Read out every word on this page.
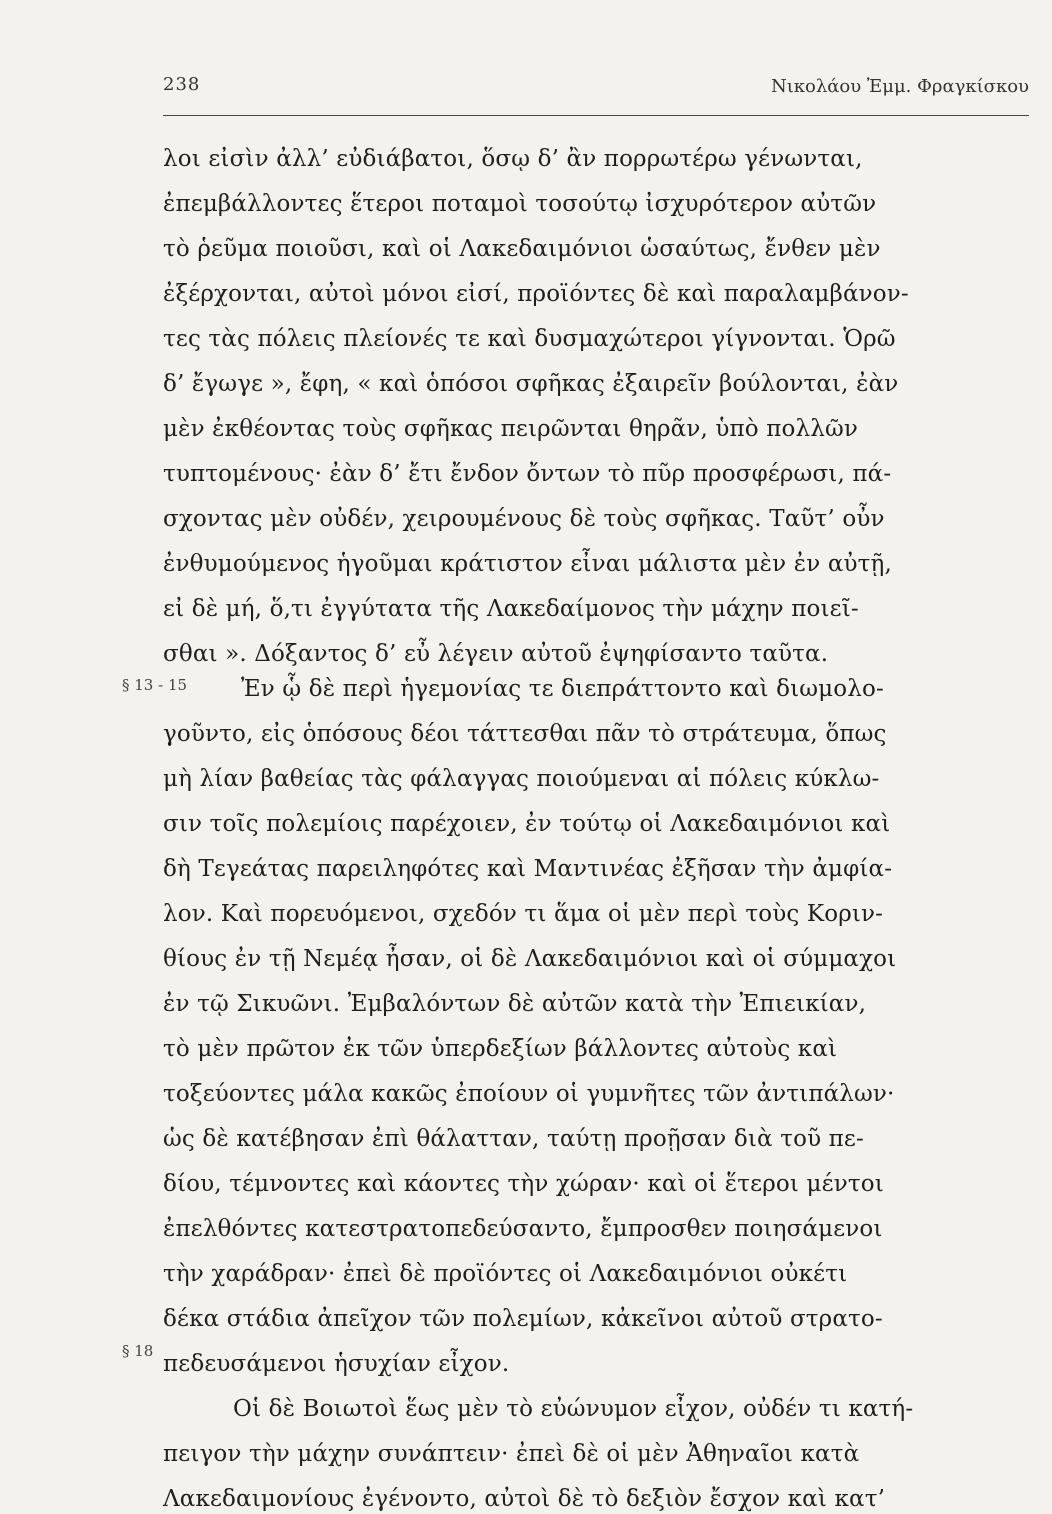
238	Νικολάου Ἐμμ. Φραγκίσκου
§ 13 - 15
§ 18
λοι εἰσὶν ἀλλ’ εὐδιάβατοι, ὅσῳ δ’ ἂν πορρωτέρω γένωνται,
ἐπεμβάλλοντες ἕτεροι ποταμοὶ τοσούτῳ ἰσχυρότερον αὐτῶν
τὸ ῥεῦμα ποιοῦσι, καὶ οἱ Λακεδαιμόνιοι ὡσαύτως, ἔνθεν μὲν
ἐξέρχονται, αὐτοὶ μόνοι εἰσί, προϊόντες δὲ καὶ παραλαμβάνον-
τες τὰς πόλεις πλείονές τε καὶ δυσμαχώτεροι γίγνονται. Ὁρῶ
δ’ ἔγωγε », ἔφη, « καὶ ὁπόσοι σφῆκας ἐξαιρεῖν βούλονται, ἐὰν
μὲν ἐκθέοντας τοὺς σφῆκας πειρῶνται θηρᾶν, ὑπὸ πολλῶν
τυπτομένους· ἐὰν δ’ ἔτι ἔνδον ὄντων τὸ πῦρ προσφέρωσι, πά-
σχοντας μὲν οὐδέν, χειρουμένους δὲ τοὺς σφῆκας. Ταῦτ’ οὖν
ἐνθυμούμενος ἡγοῦμαι κράτιστον εἶναι μάλιστα μὲν ἐν αὐτῇ,
εἰ δὲ μή, ὅ,τι ἐγγύτατα τῆς Λακεδαίμονος τὴν μάχην ποιεῖ-
σθαι ». Δόξαντος δ’ εὖ λέγειν αὐτοῦ ἐψηφίσαντο ταῦτα.
Ἐν ᾧ δὲ περὶ ἡγεμονίας τε διεπράττοντο καὶ διωμολο-
γοῦντο, εἰς ὁπόσους δέοι τάττεσθαι πᾶν τὸ στράτευμα, ὅπως
μὴ λίαν βαθείας τὰς φάλαγγας ποιούμεναι αἱ πόλεις κύκλω-
σιν τοῖς πολεμίοις παρέχοιεν, ἐν τούτῳ οἱ Λακεδαιμόνιοι καὶ
δὴ Τεγεάτας παρειληφότες καὶ Μαντινέας ἐξῆσαν τὴν ἀμφία-
λον. Καὶ πορευόμενοι, σχεδόν τι ἅμα οἱ μὲν περὶ τοὺς Κοριν-
θίους ἐν τῇ Νεμέᾳ ἦσαν, οἱ δὲ Λακεδαιμόνιοι καὶ οἱ σύμμαχοι
ἐν τῷ Σικυῶνι. Ἐμβαλόντων δὲ αὐτῶν κατὰ τὴν Ἐπιεικίαν,
τὸ μὲν πρῶτον ἐκ τῶν ὑπερδεξίων βάλλοντες αὐτοὺς καὶ
τοξεύοντες μάλα κακῶς ἐποίουν οἱ γυμνῆτες τῶν ἀντιπάλων·
ὡς δὲ κατέβησαν ἐπὶ θάλατταν, ταύτῃ προῇσαν διὰ τοῦ πε-
δίου, τέμνοντες καὶ κάοντες τὴν χώραν· καὶ οἱ ἕτεροι μέντοι
ἐπελθόντες κατεστρατοπεδεύσαντο, ἔμπροσθεν ποιησάμενοι
τὴν χαράδραν· ἐπεὶ δὲ προϊόντες οἱ Λακεδαιμόνιοι οὐκέτι
δέκα στάδια ἀπεῖχον τῶν πολεμίων, κἀκεῖνοι αὐτοῦ στρατο-
πεδευσάμενοι ἡσυχίαν εἶχον.
Οἱ δὲ Βοιωτοὶ ἕως μὲν τὸ εὐώνυμον εἶχον, οὐδέν τι κατή-
πειγον τὴν μάχην συνάπτειν· ἐπεὶ δὲ οἱ μὲν Ἀθηναῖοι κατὰ
Λακεδαιμονίους ἐγένοντο, αὐτοὶ δὲ τὸ δεξιὸν ἔσχον καὶ κατ’
